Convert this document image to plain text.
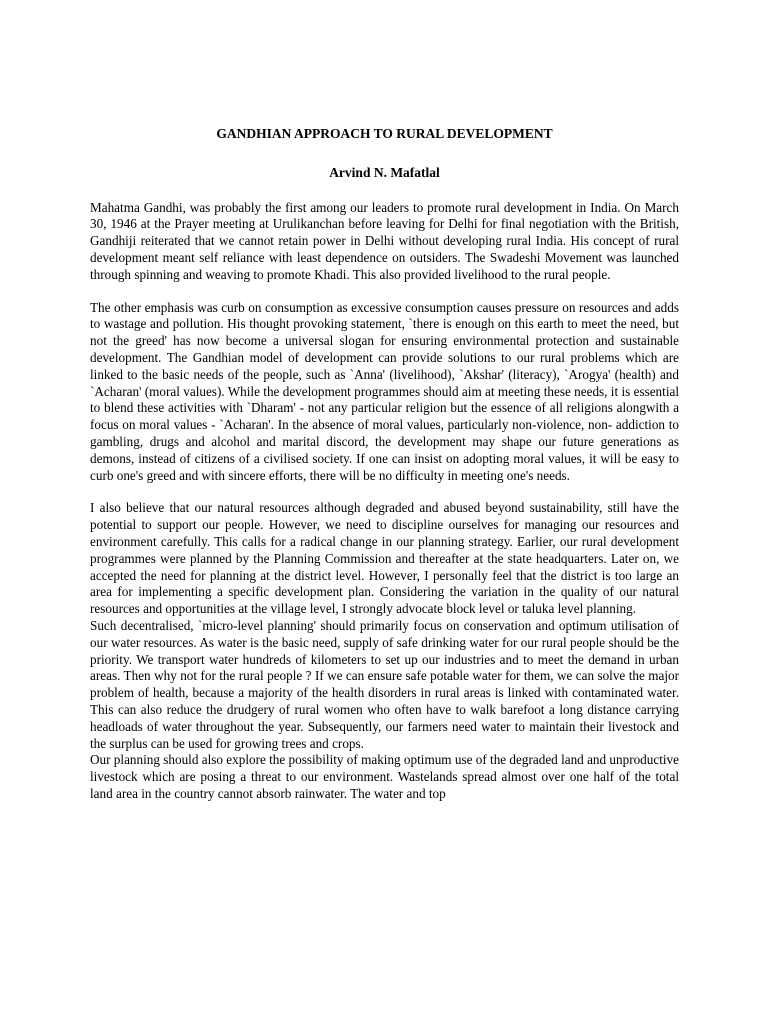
GANDHIAN APPROACH TO RURAL DEVELOPMENT
Arvind N. Mafatlal

Mahatma Gandhi, was probably the first among our leaders to promote rural development in India. On March 30, 1946 at the Prayer meeting at Urulikanchan before leaving for Delhi for final negotiation with the British, Gandhiji reiterated that we cannot retain power in Delhi without developing rural India. His concept of rural development meant self reliance with least dependence on outsiders. The Swadeshi Movement was launched through spinning and weaving to promote Khadi. This also provided livelihood to the rural people.

The other emphasis was curb on consumption as excessive consumption causes pressure on resources and adds to wastage and pollution. His thought provoking statement, `there is enough on this earth to meet the need, but not the greed' has now become a universal slogan for ensuring environmental protection and sustainable development. The Gandhian model of development can provide solutions to our rural problems which are linked to the basic needs of the people, such as `Anna' (livelihood), `Akshar' (literacy), `Arogya' (health) and `Acharan' (moral values). While the development programmes should aim at meeting these needs, it is essential to blend these activities with `Dharam' - not any particular religion but the essence of all religions alongwith a focus on moral values - `Acharan'. In the absence of moral values, particularly non-violence, non- addiction to gambling, drugs and alcohol and marital discord, the development may shape our future generations as demons, instead of citizens of a civilised society. If one can insist on adopting moral values, it will be easy to curb one's greed and with sincere efforts, there will be no difficulty in meeting one's needs.

I also believe that our natural resources although degraded and abused beyond sustainability, still have the potential to support our people. However, we need to discipline ourselves for managing our resources and environment carefully. This calls for a radical change in our planning strategy. Earlier, our rural development programmes were planned by the Planning Commission and thereafter at the state headquarters. Later on, we accepted the need for planning at the district level. However, I personally feel that the district is too large an area for implementing a specific development plan. Considering the variation in the quality of our natural resources and opportunities at the village level, I strongly advocate block level or taluka level planning.

Such decentralised, `micro-level planning' should primarily focus on conservation and optimum utilisation of our water resources. As water is the basic need, supply of safe drinking water for our rural people should be the priority. We transport water hundreds of kilometers to set up our industries and to meet the demand in urban areas. Then why not for the rural people ? If we can ensure safe potable water for them, we can solve the major problem of health, because a majority of the health disorders in rural areas is linked with contaminated water. This can also reduce the drudgery of rural women who often have to walk barefoot a long distance carrying headloads of water throughout the year. Subsequently, our farmers need water to maintain their livestock and the surplus can be used for growing trees and crops.

Our planning should also explore the possibility of making optimum use of the degraded land and unproductive livestock which are posing a threat to our environment. Wastelands spread almost over one half of the total land area in the country cannot absorb rainwater. The water and top
